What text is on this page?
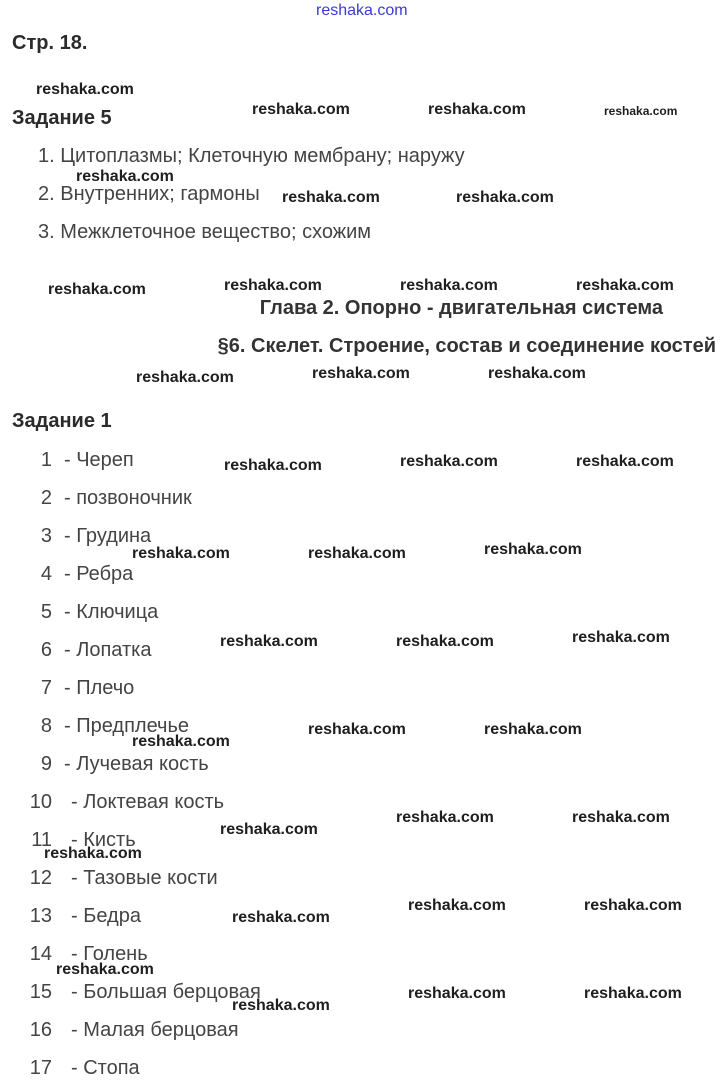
reshaka.com
Стр. 18.
Задание 5
1. Цитоплазмы; Клеточную мембрану; наружу
2. Внутренних; гармоны
3. Межклеточное вещество; схожим
Глава 2. Опорно - двигательная система
§6. Скелет. Строение, состав и соединение костей
Задание 1
1 - Череп
2 - позвоночник
3 - Грудина
4 - Ребра
5 - Ключица
6 - Лопатка
7 - Плечо
8 - Предплечье
9 - Лучевая кость
10 - Локтевая кость
11 - Кисть
12 - Тазовые кости
13 - Бедра
14 - Голень
15 - Большая берцовая
16 - Малая берцовая
17 - Стопа
reshaka.com
reshaka.com	reshaka.com	reshaka.com
reshaka.com
reshaka.com	reshaka.com
reshaka.com	reshaka.com	reshaka.com	reshaka.com
reshaka.com	reshaka.com	reshaka.com
reshaka.com	reshaka.com	reshaka.com
reshaka.com	reshaka.com	reshaka.com
reshaka.com	reshaka.com	reshaka.com
reshaka.com
reshaka.com	reshaka.com
reshaka.com
reshaka.com	reshaka.com
reshaka.com
reshaka.com
reshaka.com	reshaka.com
reshaka.com
reshaka.com
reshaka.com	reshaka.com
